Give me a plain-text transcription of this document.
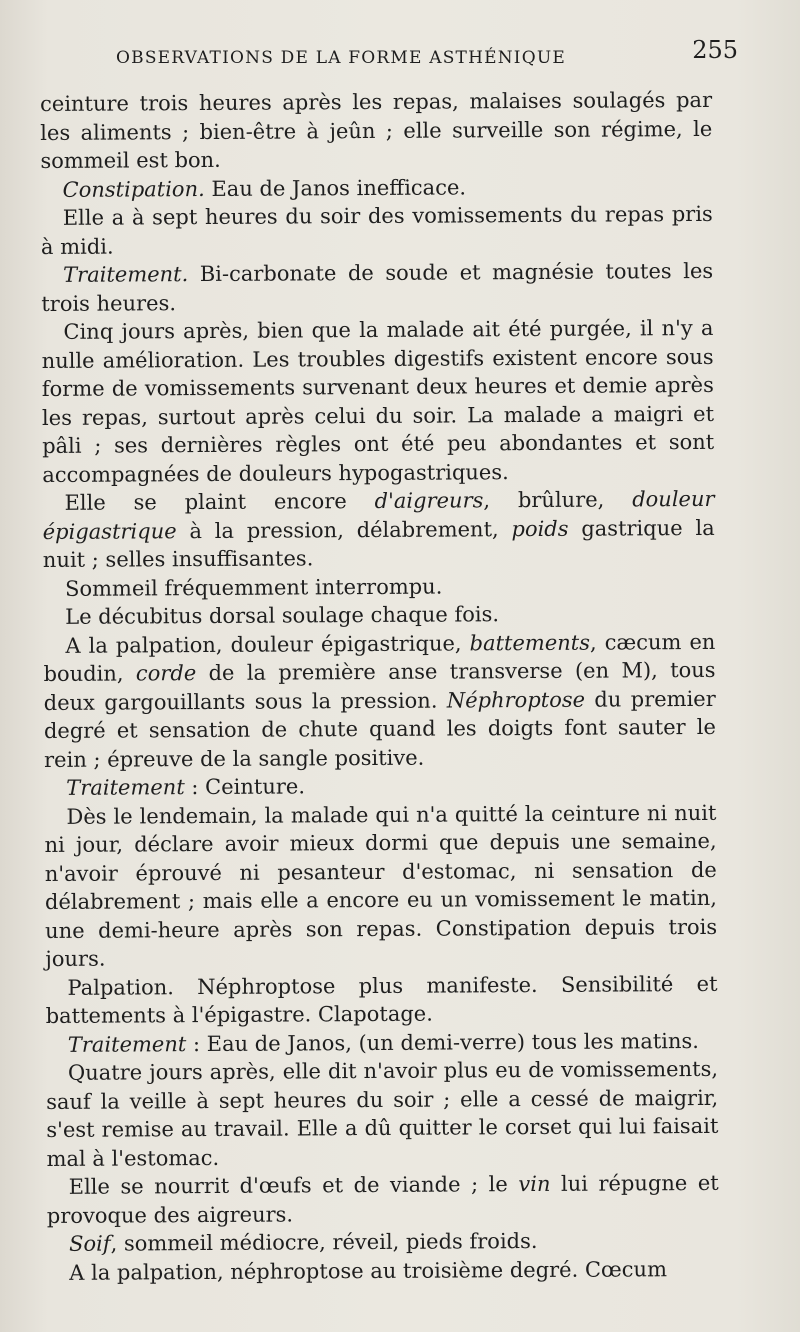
OBSERVATIONS DE LA FORME ASTHÉNIQUE	255

ceinture trois heures après les repas, malaises soulagés par les aliments ; bien-être à jeûn ; elle surveille son régime, le sommeil est bon.

Constipation. Eau de Janos inefficace.

Elle a à sept heures du soir des vomissements du repas pris à midi.

Traitement. Bi-carbonate de soude et magnésie toutes les trois heures.

Cinq jours après, bien que la malade ait été purgée, il n'y a nulle amélioration. Les troubles digestifs existent encore sous forme de vomissements survenant deux heures et demie après les repas, surtout après celui du soir. La malade a maigri et pâli ; ses dernières règles ont été peu abondantes et sont accompagnées de douleurs hypogastriques.

Elle se plaint encore d'aigreurs, brûlure, douleur épigastrique à la pression, délabrement, poids gastrique la nuit ; selles insuffisantes.

Sommeil fréquemment interrompu.

Le décubitus dorsal soulage chaque fois.

A la palpation, douleur épigastrique, battements, cæcum en boudin, corde de la première anse transverse (en M), tous deux gargouillants sous la pression. Néphroptose du premier degré et sensation de chute quand les doigts font sauter le rein ; épreuve de la sangle positive.

Traitement : Ceinture.

Dès le lendemain, la malade qui n'a quitté la ceinture ni nuit ni jour, déclare avoir mieux dormi que depuis une semaine, n'avoir éprouvé ni pesanteur d'estomac, ni sensation de délabrement ; mais elle a encore eu un vomissement le matin, une demi-heure après son repas. Constipation depuis trois jours.

Palpation. Néphroptose plus manifeste. Sensibilité et battements à l'épigastre. Clapotage.

Traitement : Eau de Janos, (un demi-verre) tous les matins.

Quatre jours après, elle dit n'avoir plus eu de vomissements, sauf la veille à sept heures du soir ; elle a cessé de maigrir, s'est remise au travail. Elle a dû quitter le corset qui lui faisait mal à l'estomac.

Elle se nourrit d'œufs et de viande ; le vin lui répugne et provoque des aigreurs.

Soif, sommeil médiocre, réveil, pieds froids.

A la palpation, néphroptose au troisième degré. Cœcum
